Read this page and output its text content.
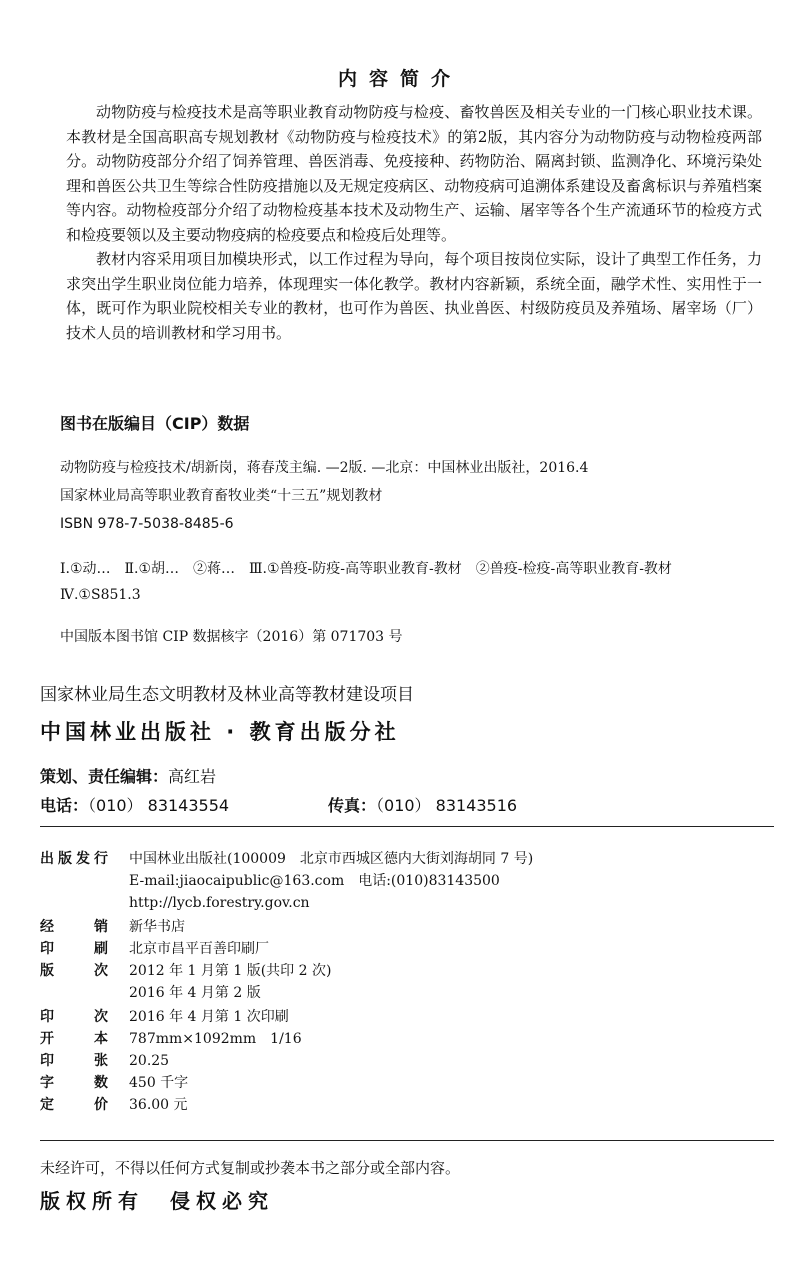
内容简介

动物防疫与检疫技术是高等职业教育动物防疫与检疫、畜牧兽医及相关专业的一门核心职业技术课。本教材是全国高职高专规划教材《动物防疫与检疫技术》的第2版，其内容分为动物防疫与动物检疫两部分。动物防疫部分介绍了饲养管理、兽医消毒、免疫接种、药物防治、隔离封锁、监测净化、环境污染处理和兽医公共卫生等综合性防疫措施以及无规定疫病区、动物疫病可追溯体系建设及畜禽标识与养殖档案等内容。动物检疫部分介绍了动物检疫基本技术及动物生产、运输、屠宰等各个生产流通环节的检疫方式和检疫要领以及主要动物疫病的检疫要点和检疫后处理等。

教材内容采用项目加模块形式，以工作过程为导向，每个项目按岗位实际，设计了典型工作任务，力求突出学生职业岗位能力培养，体现理实一体化教学。教材内容新颖，系统全面，融学术性、实用性于一体，既可作为职业院校相关专业的教材，也可作为兽医、执业兽医、村级防疫员及养殖场、屠宰场（厂）技术人员的培训教材和学习用书。

图书在版编目（CIP）数据
动物防疫与检疫技术/胡新岗，蒋春茂主编. —2版. —北京：中国林业出版社，2016.4
国家林业局高等职业教育畜牧业类“十三五”规划教材
ISBN 978-7-5038-8485-6
Ⅰ.①动…　Ⅱ.①胡…　②蒋…　Ⅲ.①兽疫-防疫-高等职业教育-教材　②兽疫-检疫-高等职业教育-教材　Ⅳ.①S851.3
中国版本图书馆 CIP 数据核字（2016）第 071703 号
国家林业局生态文明教材及林业高等教材建设项目
中国林业出版社 · 教育出版分社
策划、责任编辑：高红岩
电话：（010） 83143554	传真：（010） 83143516
出版发行 中国林业出版社(100009　北京市西城区德内大街刘海胡同 7 号)
E-mail:jiaocaipublic@163.com　电话:(010)83143500
http://lycb.forestry.gov.cn
经销 新华书店
印刷 北京市昌平百善印刷厂
版次 2012 年 1 月第 1 版(共印 2 次)
2016 年 4 月第 2 版
印次 2016 年 4 月第 1 次印刷
开本 787mm×1092mm　1/16
印张 20.25
字数 450 千字
定价 36.00 元
未经许可，不得以任何方式复制或抄袭本书之部分或全部内容。
版权所有　侵权必究
